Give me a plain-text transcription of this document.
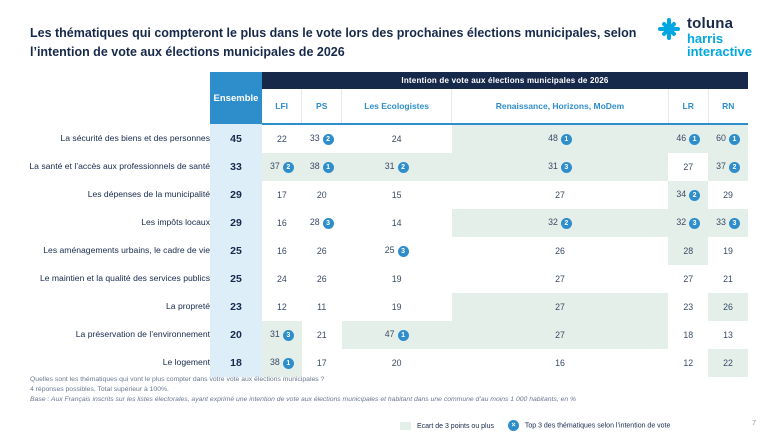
Les thématiques qui compteront le plus dans le vote lors des prochaines élections municipales, selon l’intention de vote aux élections municipales de 2026
toluna
harris
interactive
	Ensemble	Intention de vote aux élections municipales de 2026					
		LFI	PS	Les Ecologistes	Renaissance, Horizons, MoDem	LR	RN
La sécurité des biens et des personnes	45	22	33 2	24	48 1	46 1	60 1
La santé et l’accès aux professionnels de santé	33	37 2	38 1	31 2	31 3	27	37 2
Les dépenses de la municipalité	29	17	20	15	27	34 2	29
Les impôts locaux	29	16	28 3	14	32 2	32 3	33 3
Les aménagements urbains, le cadre de vie	25	16	26	25 3	26	28	19
Le maintien et la qualité des services publics	25	24	26	19	27	27	21
La propreté	23	12	11	19	27	23	26
La préservation de l’environnement	20	31 3	21	47 1	27	18	13
Le logement	18	38 1	17	20	16	12	22
Quelles sont les thématiques qui vont le plus compter dans votre vote aux élections municipales ?
4 réponses possibles. Total supérieur à 100%.
Base : Aux Français inscrits sur les listes électorales, ayant exprimé une intention de vote aux élections municipales et habitant dans une commune d’au moins 1 000 habitants, en %
Ecart de 3 points ou plus	× Top 3 des thématiques selon l’intention de vote	7
